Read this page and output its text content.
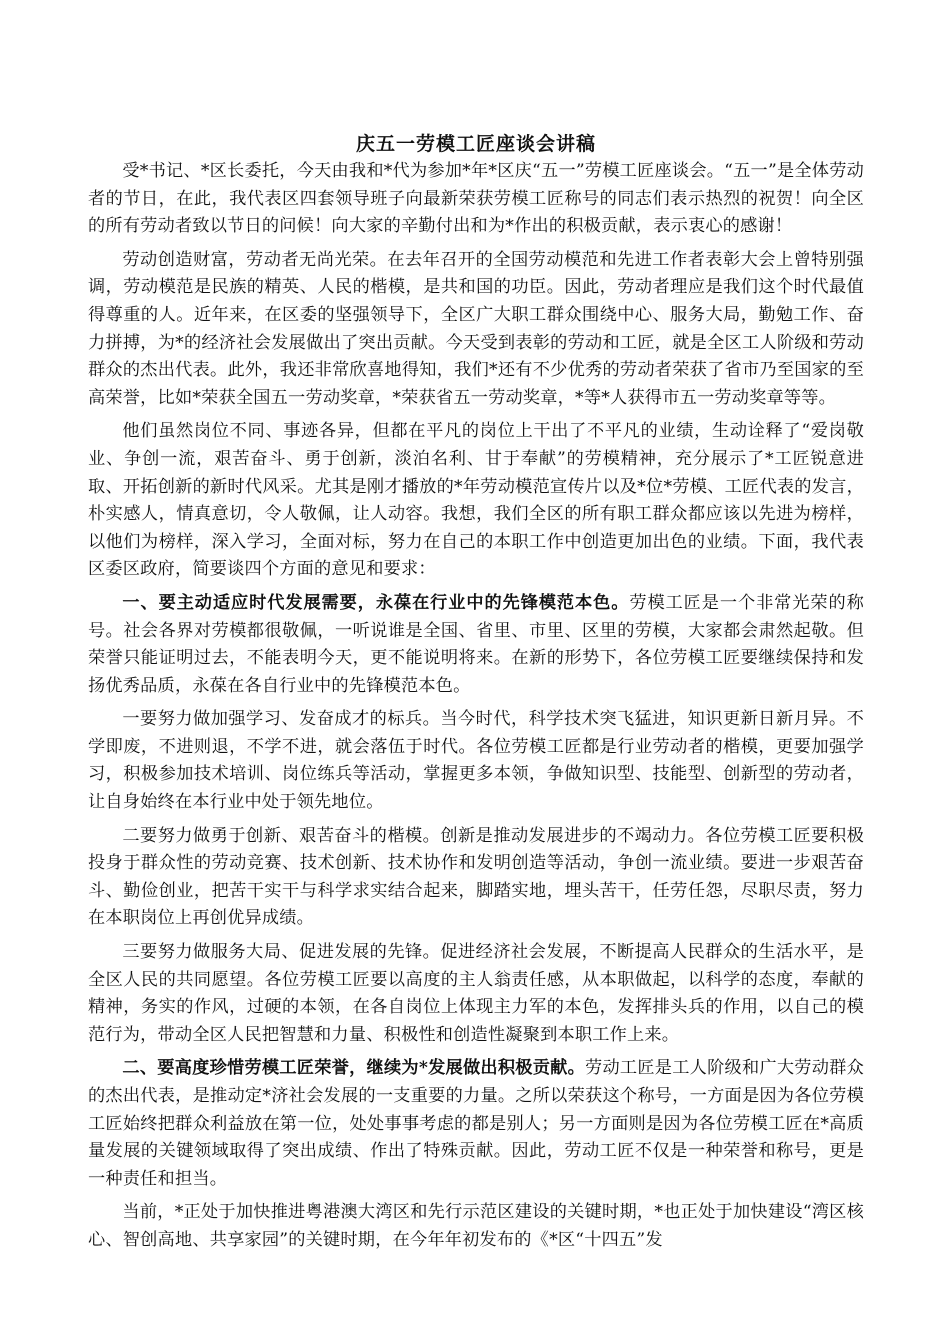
庆五一劳模工匠座谈会讲稿

受*书记、*区长委托，今天由我和*代为参加*年*区庆“五一”劳模工匠座谈会。“五一”是全体劳动者的节日，在此，我代表区四套领导班子向最新荣获劳模工匠称号的同志们表示热烈的祝贺！向全区的所有劳动者致以节日的问候！向大家的辛勤付出和为*作出的积极贡献，表示衷心的感谢！

劳动创造财富，劳动者无尚光荣。在去年召开的全国劳动模范和先进工作者表彰大会上曾特别强调，劳动模范是民族的精英、人民的楷模，是共和国的功臣。因此，劳动者理应是我们这个时代最值得尊重的人。近年来，在区委的坚强领导下，全区广大职工群众围绕中心、服务大局，勤勉工作、奋力拼搏，为*的经济社会发展做出了突出贡献。今天受到表彰的劳动和工匠，就是全区工人阶级和劳动群众的杰出代表。此外，我还非常欣喜地得知，我们*还有不少优秀的劳动者荣获了省市乃至国家的至高荣誉，比如*荣获全国五一劳动奖章，*荣获省五一劳动奖章，*等*人获得市五一劳动奖章等等。

他们虽然岗位不同、事迹各异，但都在平凡的岗位上干出了不平凡的业绩，生动诠释了“爱岗敬业、争创一流，艰苦奋斗、勇于创新，淡泊名利、甘于奉献”的劳模精神，充分展示了*工匠锐意进取、开拓创新的新时代风采。尤其是刚才播放的*年劳动模范宣传片以及*位*劳模、工匠代表的发言，朴实感人，情真意切，令人敬佩，让人动容。我想，我们全区的所有职工群众都应该以先进为榜样，以他们为榜样，深入学习，全面对标，努力在自己的本职工作中创造更加出色的业绩。下面，我代表区委区政府，简要谈四个方面的意见和要求：

一、要主动适应时代发展需要，永葆在行业中的先锋模范本色。劳模工匠是一个非常光荣的称号。社会各界对劳模都很敬佩，一听说谁是全国、省里、市里、区里的劳模，大家都会肃然起敬。但荣誉只能证明过去，不能表明今天，更不能说明将来。在新的形势下，各位劳模工匠要继续保持和发扬优秀品质，永葆在各自行业中的先锋模范本色。

一要努力做加强学习、发奋成才的标兵。当今时代，科学技术突飞猛进，知识更新日新月异。不学即废，不进则退，不学不进，就会落伍于时代。各位劳模工匠都是行业劳动者的楷模，更要加强学习，积极参加技术培训、岗位练兵等活动，掌握更多本领，争做知识型、技能型、创新型的劳动者，让自身始终在本行业中处于领先地位。

二要努力做勇于创新、艰苦奋斗的楷模。创新是推动发展进步的不竭动力。各位劳模工匠要积极投身于群众性的劳动竞赛、技术创新、技术协作和发明创造等活动，争创一流业绩。要进一步艰苦奋斗、勤俭创业，把苦干实干与科学求实结合起来，脚踏实地，埋头苦干，任劳任怨，尽职尽责，努力在本职岗位上再创优异成绩。

三要努力做服务大局、促进发展的先锋。促进经济社会发展，不断提高人民群众的生活水平，是全区人民的共同愿望。各位劳模工匠要以高度的主人翁责任感，从本职做起，以科学的态度，奉献的精神，务实的作风，过硬的本领，在各自岗位上体现主力军的本色，发挥排头兵的作用，以自己的模范行为，带动全区人民把智慧和力量、积极性和创造性凝聚到本职工作上来。

二、要高度珍惜劳模工匠荣誉，继续为*发展做出积极贡献。劳动工匠是工人阶级和广大劳动群众的杰出代表，是推动定*济社会发展的一支重要的力量。之所以荣获这个称号，一方面是因为各位劳模工匠始终把群众利益放在第一位，处处事事考虑的都是别人；另一方面则是因为各位劳模工匠在*高质量发展的关键领域取得了突出成绩、作出了特殊贡献。因此，劳动工匠不仅是一种荣誉和称号，更是一种责任和担当。

当前，*正处于加快推进粤港澳大湾区和先行示范区建设的关键时期，*也正处于加快建设“湾区核心、智创高地、共享家园”的关键时期，在今年年初发布的《*区“十四五”发
